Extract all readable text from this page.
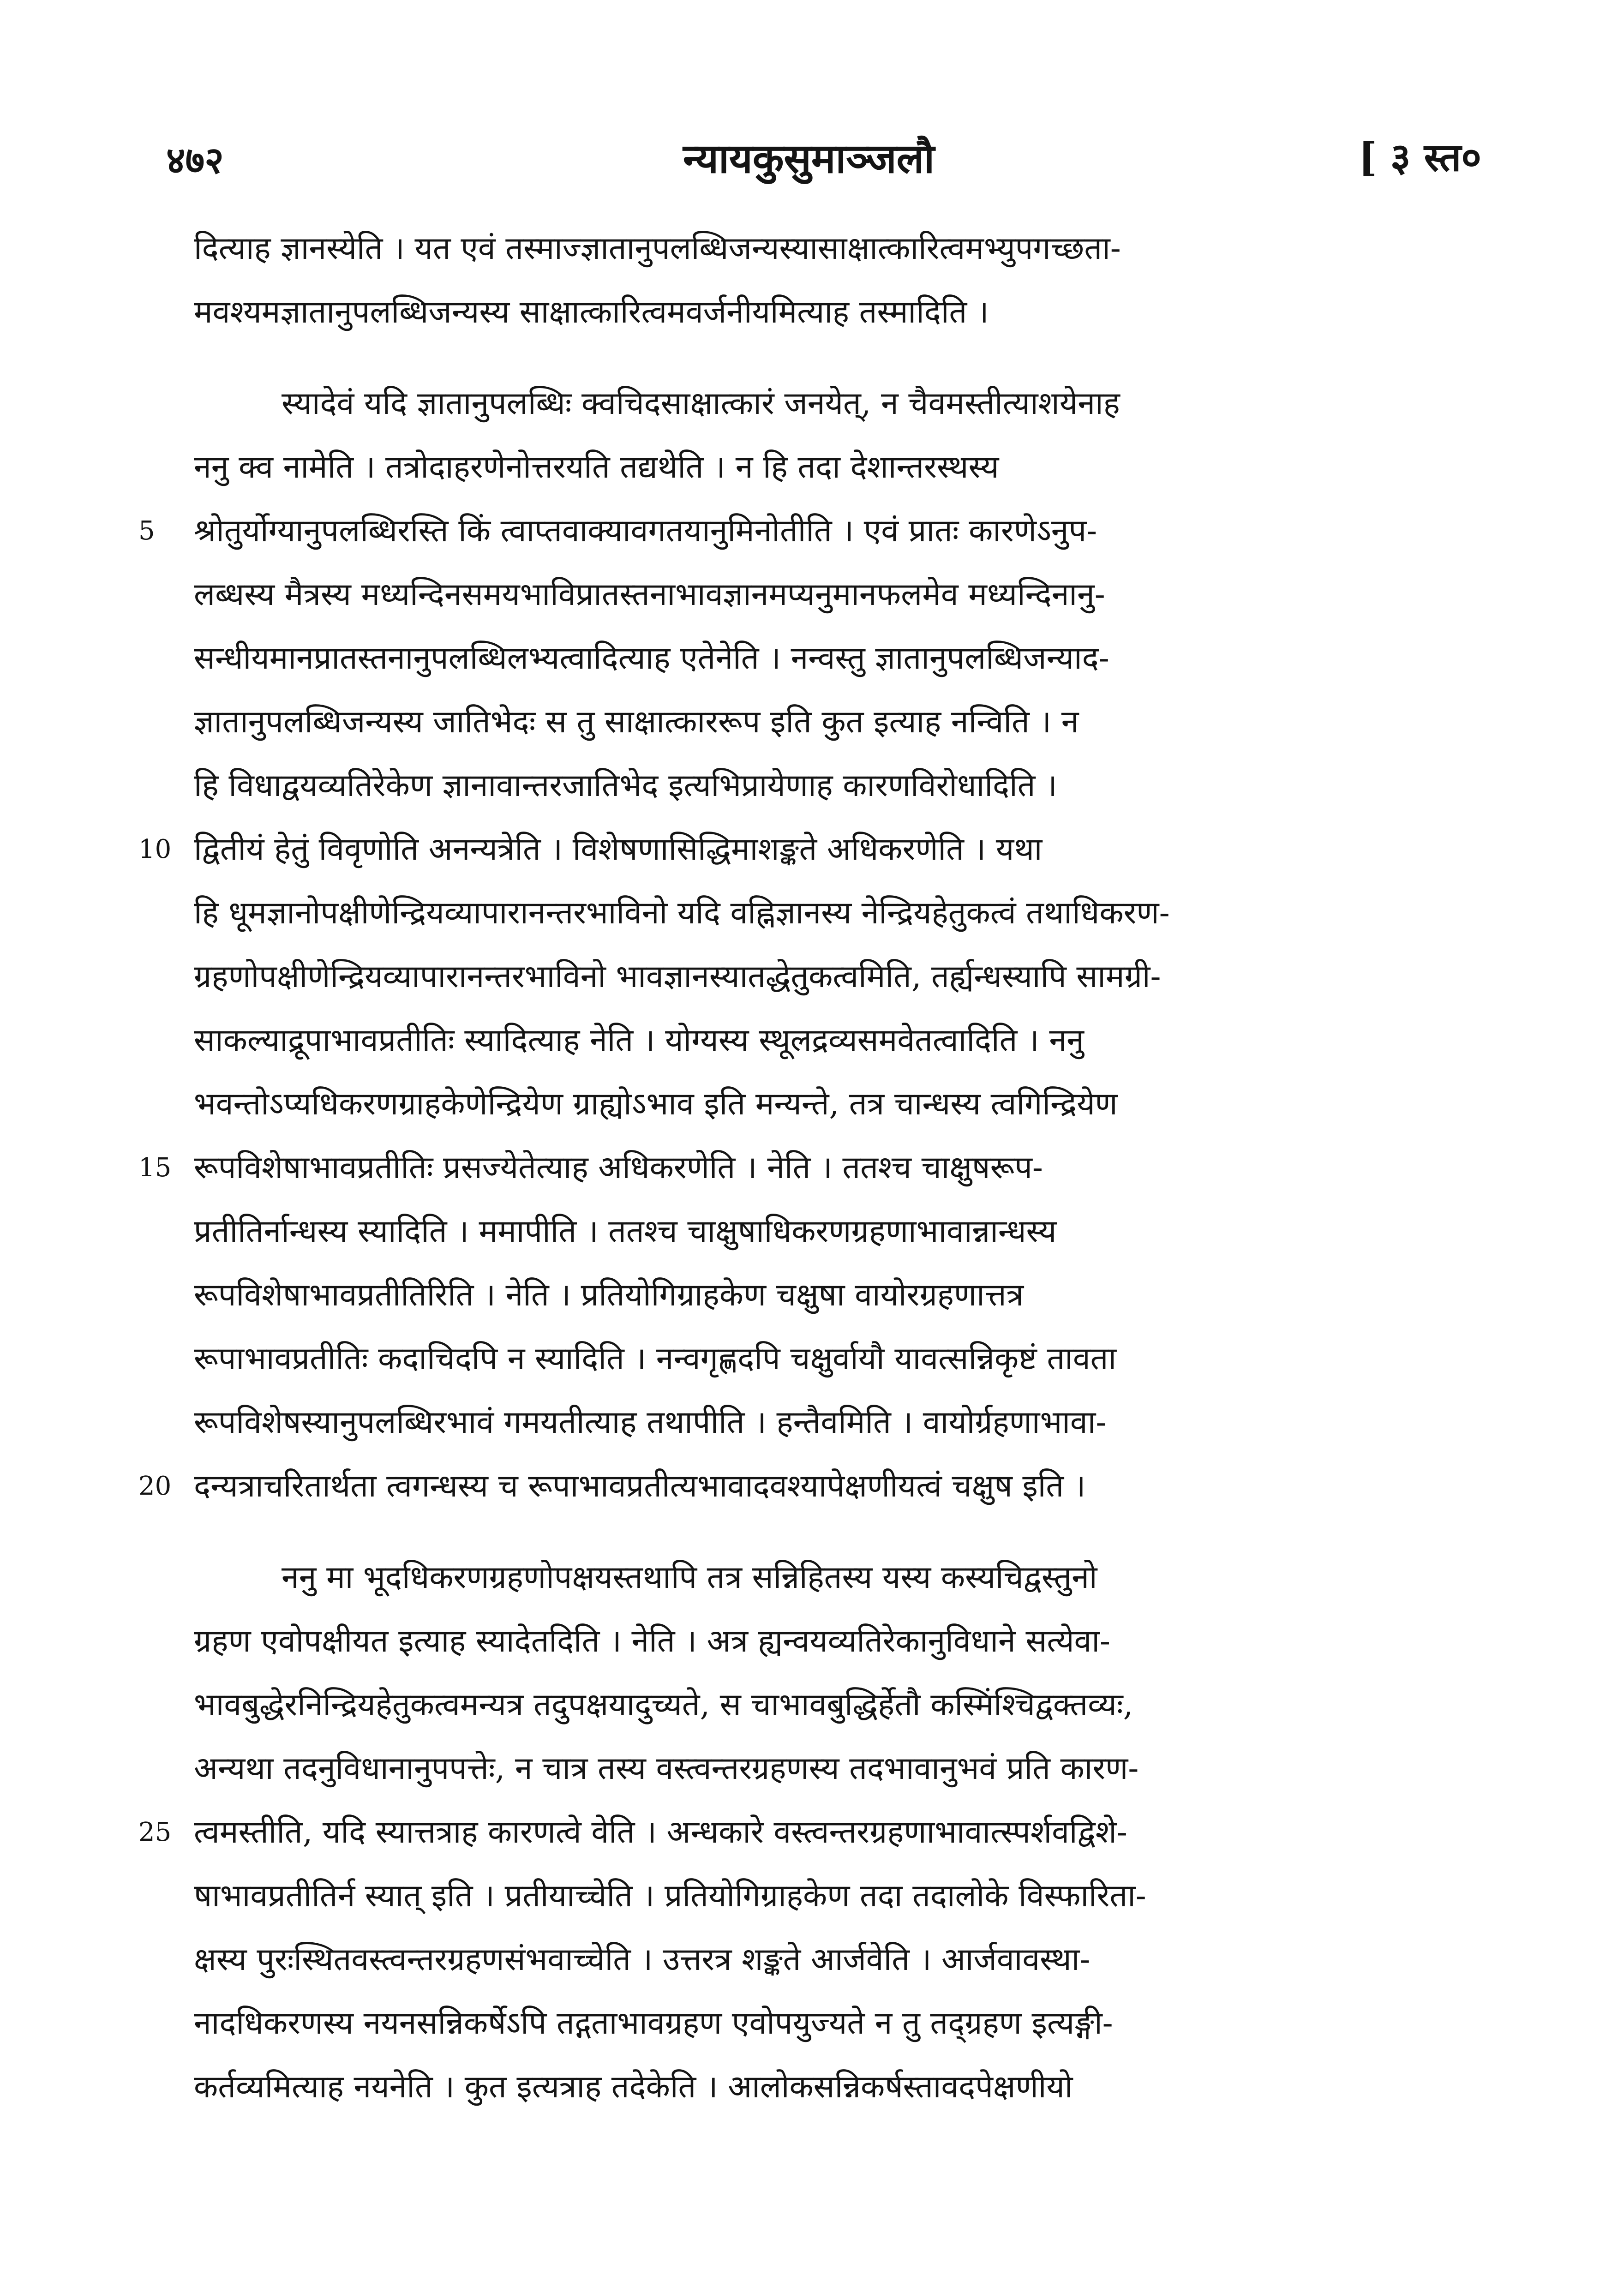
४७२	न्यायकुसुमाञ्जलौ	[ ३ स्त०
दित्याह ज्ञानस्येति । यत एवं तस्माज्ज्ञातानुपलब्धिजन्यस्यासाक्षात्कारित्वमभ्युपगच्छता-
मवश्यमज्ञातानुपलब्धिजन्यस्य साक्षात्कारित्वमवर्जनीयमित्याह तस्मादिति ।
स्यादेवं यदि ज्ञातानुपलब्धिः क्वचिदसाक्षात्कारं जनयेत्, न चैवमस्तीत्याशयेनाह
ननु क्व नामेति । तत्रोदाहरणेनोत्तरयति तद्यथेति । न हि तदा देशान्तरस्थस्य
5	श्रोतुर्योग्यानुपलब्धिरस्ति किं त्वाप्तवाक्यावगतयानुमिनोतीति । एवं प्रातः कारणेऽनुप-
लब्धस्य मैत्रस्य मध्यन्दिनसमयभाविप्रातस्तनाभावज्ञानमप्यनुमानफलमेव मध्यन्दिनानु-
सन्धीयमानप्रातस्तनानुपलब्धिलभ्यत्वादित्याह एतेनेति । नन्वस्तु ज्ञातानुपलब्धिजन्याद-
ज्ञातानुपलब्धिजन्यस्य जातिभेदः स तु साक्षात्काररूप इति कुत इत्याह नन्विति । न
हि विधाद्वयव्यतिरेकेण ज्ञानावान्तरजातिभेद इत्यभिप्रायेणाह कारणविरोधादिति ।
10 द्वितीयं हेतुं विवृणोति अनन्यत्रेति । विशेषणासिद्धिमाशङ्कते अधिकरणेति । यथा
हि धूमज्ञानोपक्षीणेन्द्रियव्यापारानन्तरभाविनो यदि वह्निज्ञानस्य नेन्द्रियहेतुकत्वं तथाधिकरण-
ग्रहणोपक्षीणेन्द्रियव्यापारानन्तरभाविनो भावज्ञानस्यातद्धेतुकत्वमिति, तर्ह्यन्धस्यापि सामग्री-
साकल्याद्रूपाभावप्रतीतिः स्यादित्याह नेति । योग्यस्य स्थूलद्रव्यसमवेतत्वादिति । ननु
भवन्तोऽप्यधिकरणग्राहकेणेन्द्रियेण ग्राह्योऽभाव इति मन्यन्ते, तत्र चान्धस्य त्वगिन्द्रियेण
15 रूपविशेषाभावप्रतीतिः प्रसज्येतेत्याह अधिकरणेति । नेति । ततश्च चाक्षुषरूप-
प्रतीतिर्नान्धस्य स्यादिति । ममापीति । ततश्च चाक्षुषाधिकरणग्रहणाभावान्नान्धस्य
रूपविशेषाभावप्रतीतिरिति । नेति । प्रतियोगिग्राहकेण चक्षुषा वायोरग्रहणात्तत्र
रूपाभावप्रतीतिः कदाचिदपि न स्यादिति । नन्वगृह्णदपि चक्षुर्वायौ यावत्सन्निकृष्टं तावता
रूपविशेषस्यानुपलब्धिरभावं गमयतीत्याह तथापीति । हन्तैवमिति । वायोर्ग्रहणाभावा-
20 दन्यत्राचरितार्थता त्वगन्धस्य च रूपाभावप्रतीत्यभावादवश्यापेक्षणीयत्वं चक्षुष इति ।
ननु मा भूदधिकरणग्रहणोपक्षयस्तथापि तत्र सन्निहितस्य यस्य कस्यचिद्वस्तुनो
ग्रहण एवोपक्षीयत इत्याह स्यादेतदिति । नेति । अत्र ह्यन्वयव्यतिरेकानुविधाने सत्येवा-
भावबुद्धेरनिन्द्रियहेतुकत्वमन्यत्र तदुपक्षयादुच्यते, स चाभावबुद्धिर्हेतौ कस्मिंश्चिद्वक्तव्यः,
अन्यथा तदनुविधानानुपपत्तेः, न चात्र तस्य वस्त्वन्तरग्रहणस्य तदभावानुभवं प्रति कारण-
25 त्वमस्तीति, यदि स्यात्तत्राह कारणत्वे वेति । अन्धकारे वस्त्वन्तरग्रहणाभावात्स्पर्शवद्विशे-
षाभावप्रतीतिर्न स्यात् इति । प्रतीयाच्चेति । प्रतियोगिग्राहकेण तदा तदालोके विस्फारिता-
क्षस्य पुरःस्थितवस्त्वन्तरग्रहणसंभवाच्चेति । उत्तरत्र शङ्कते आर्जवेति । आर्जवावस्था-
नादधिकरणस्य नयनसन्निकर्षेऽपि तद्गताभावग्रहण एवोपयुज्यते न तु तद्ग्रहण इत्यङ्गी-
कर्तव्यमित्याह नयनेति । कुत इत्यत्राह तदेकेति । आलोकसन्निकर्षस्तावदपेक्षणीयो
